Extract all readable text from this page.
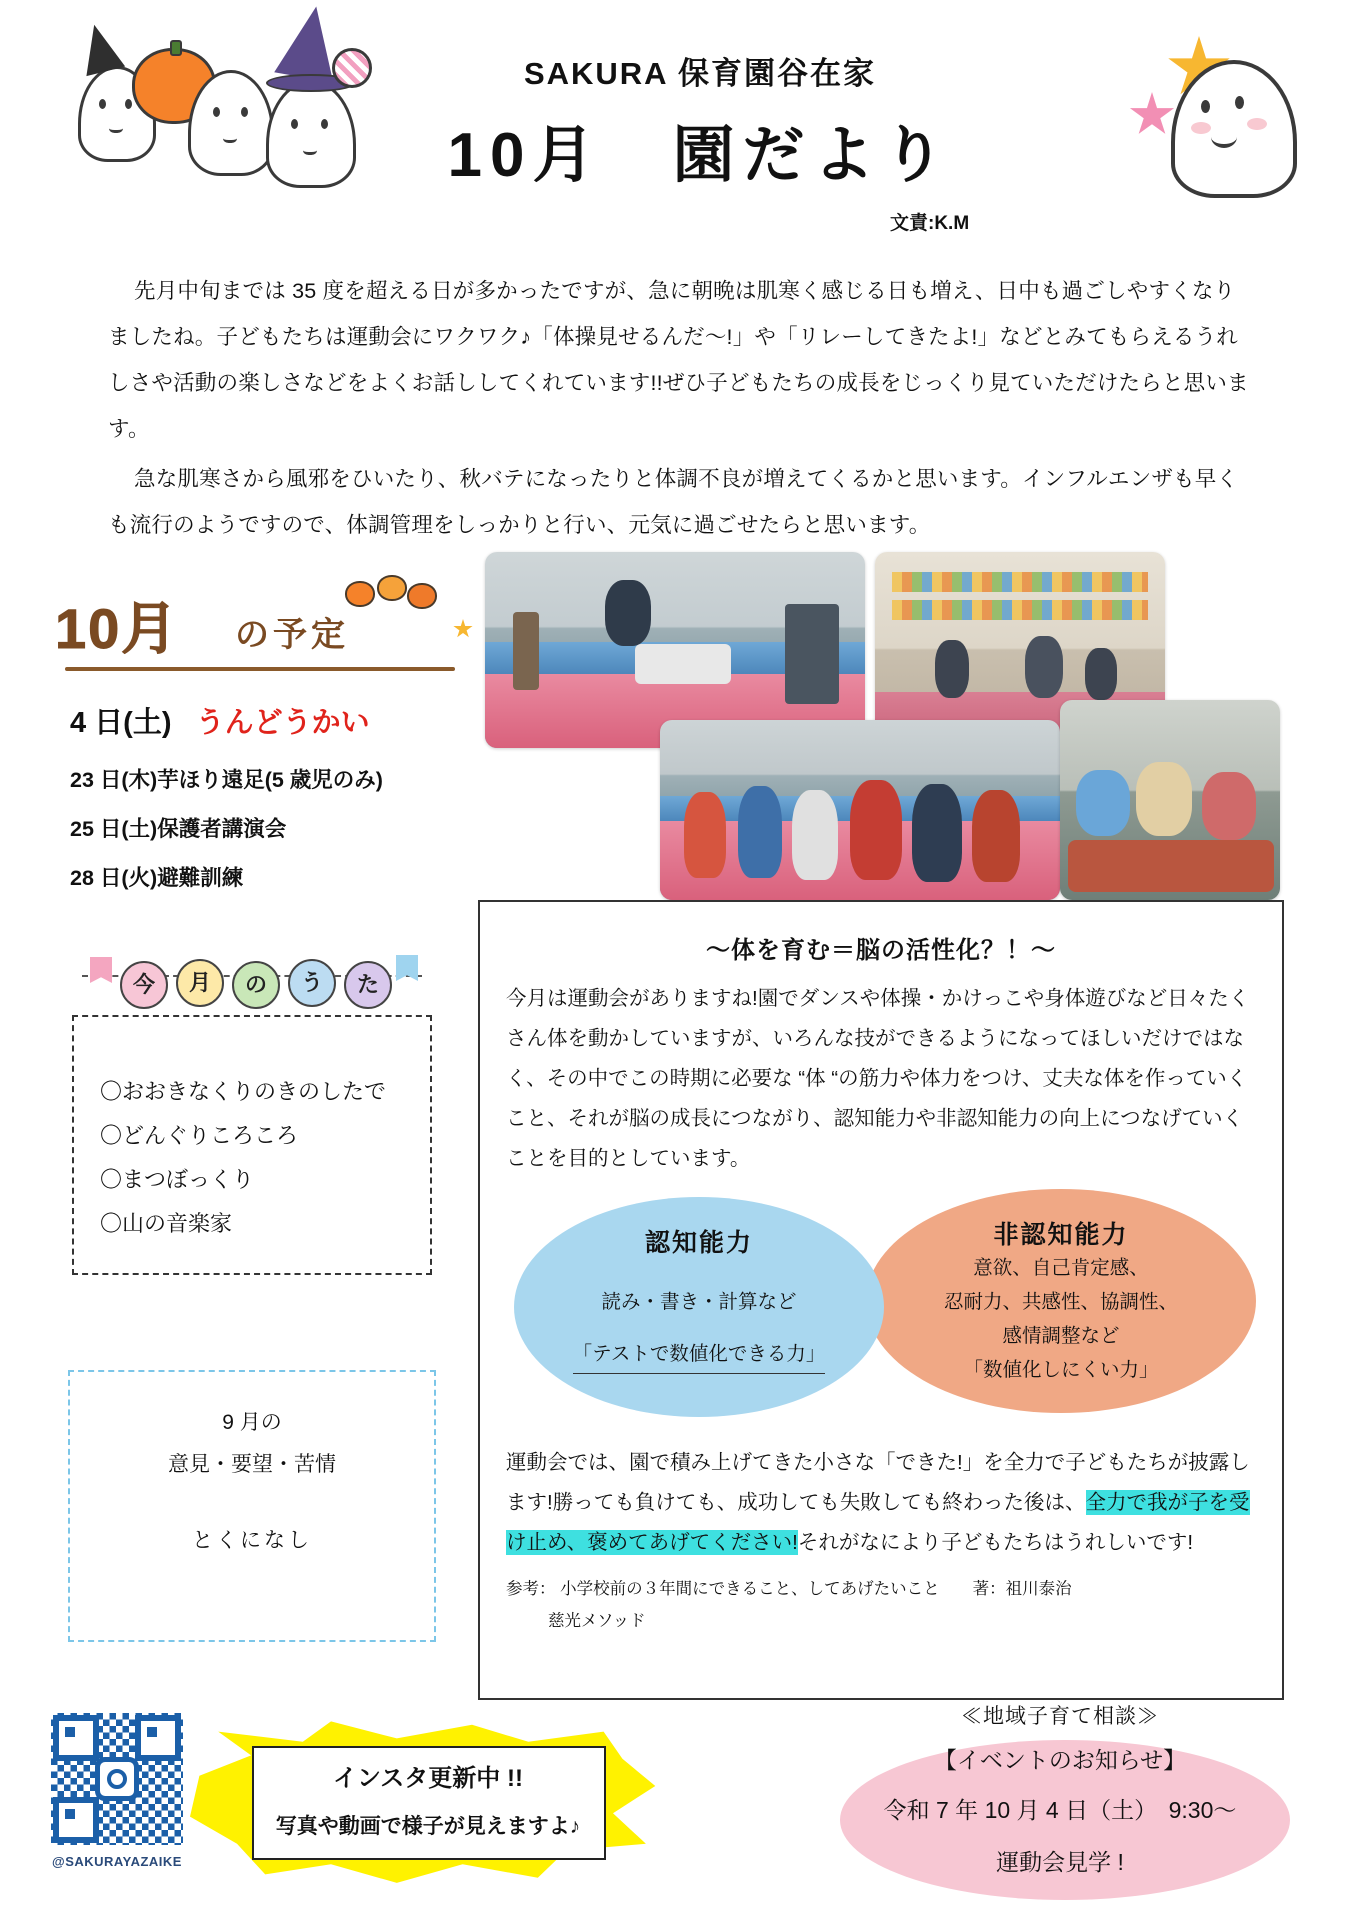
SAKURA 保育園谷在家
10月　園だより
文責:K.M

先月中旬までは 35 度を超える日が多かったですが、急に朝晩は肌寒く感じる日も増え、日中も過ごしやすくなりましたね。子どもたちは運動会にワクワク♪「体操見せるんだ〜!」や「リレーしてきたよ!」などとみてもらえるうれしさや活動の楽しさなどをよくお話ししてくれています!!ぜひ子どもたちの成長をじっくり見ていただけたらと思います。

急な肌寒さから風邪をひいたり、秋バテになったりと体調不良が増えてくるかと思います。インフルエンザも早くも流行のようですので、体調管理をしっかりと行い、元気に過ごせたらと思います。

10月 の予定
4 日(土) うんどうかい
23 日(木)芋ほり遠足(5 歳児のみ)
25 日(土)保護者講演会
28 日(火)避難訓練
今	月	の	う	た
〇おおきなくりのきのしたで
〇どんぐりころころ
〇まつぼっくり
〇山の音楽家
9 月の
意見・要望・苦情
とくになし
〜体を育む＝脳の活性化？！〜

今月は運動会がありますね!園でダンスや体操・かけっこや身体遊びなど日々たくさん体を動かしていますが、いろんな技ができるようになってほしいだけではなく、その中でこの時期に必要な “体 “の筋力や体力をつけ、丈夫な体を作っていくこと、それが脳の成長につながり、認知能力や非認知能力の向上につなげていくことを目的としています。

非認知能力
意欲、自己肯定感、
忍耐力、共感性、協調性、
感情調整など
「数値化しにくい力」
認知能力
読み・書き・計算など
「テストで数値化できる力」

運動会では、園で積み上げてきた小さな「できた!」を全力で子どもたちが披露します!勝っても負けても、成功しても失敗しても終わった後は、全力で我が子を受け止め、褒めてあげてください!それがなにより子どもたちはうれしいです!

参考： 小学校前の３年間にできること、してあげたいこと　　著：祖川泰治
慈光メソッド
@SAKURAYAZAIKE
インスタ更新中 !!
写真や動画で様子が見えますよ♪
≪地域子育て相談≫
【イベントのお知らせ】
令和 7 年 10 月 4 日（土）　9:30〜
運動会見学 !
